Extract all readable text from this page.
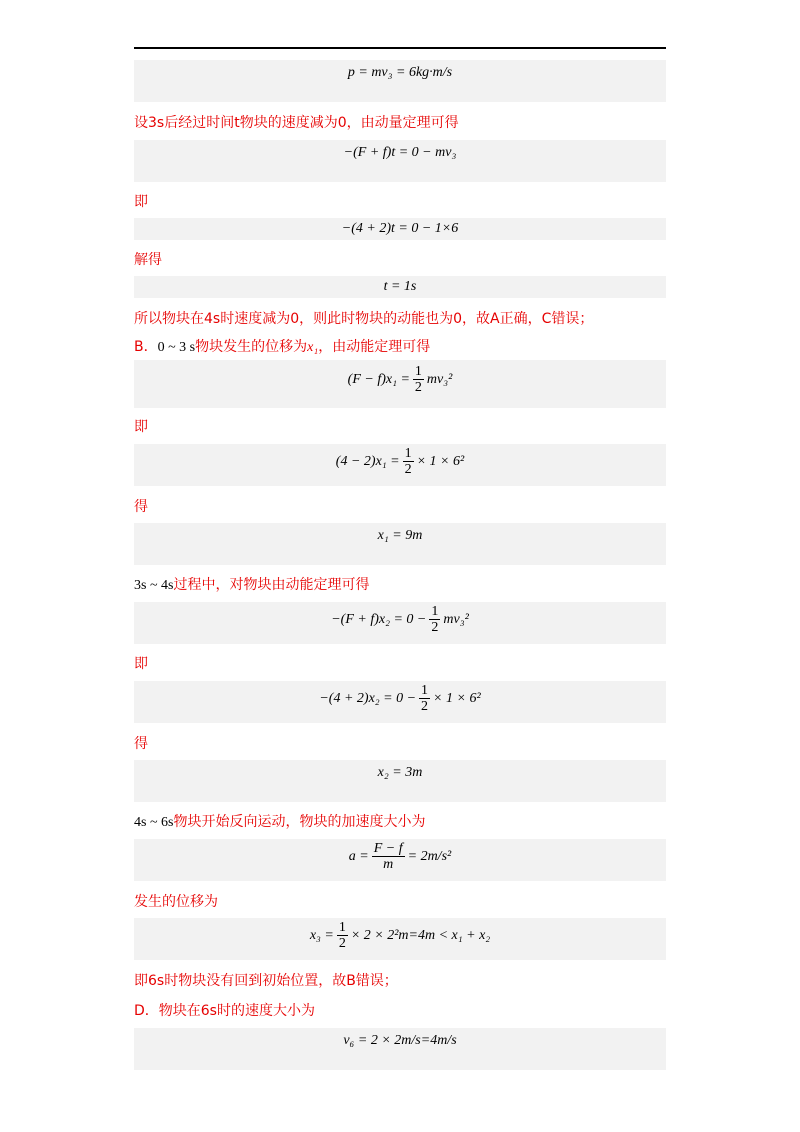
p = mv₃ = 6kg·m/s
设3s后经过时间t物块的速度减为0，由动量定理可得
−(F + f)t = 0 − mv₃
即
−(4 + 2)t = 0 − 1×6
解得
t = 1s
所以物块在4s时速度减为0，则此时物块的动能也为0，故A正确，C错误；
B．0 ~ 3 s物块发生的位移为x₁，由动能定理可得
$(F - f)x_1 = \frac{1}{2} mv_3^2$
即
$(4 - 2)x_1 = \frac{1}{2} \times 1 \times 6^2$
得
x₁ = 9m
3s ~ 4s过程中，对物块由动能定理可得
$-(F + f)x_2 = 0 - \frac{1}{2} mv_3^2$
即
$-(4 + 2)x_2 = 0 - \frac{1}{2} \times 1 \times 6^2$
得
x₂ = 3m
4s ~ 6s物块开始反向运动，物块的加速度大小为
$a = \frac{F - f}{m} = 2m/s^2$
发生的位移为
$x_3 = \frac{1}{2} \times 2 \times 2^2m=4m < x_1 + x_2$
即6s时物块没有回到初始位置，故B错误；
D．物块在6s时的速度大小为
v₆ = 2 × 2m/s=4m/s
